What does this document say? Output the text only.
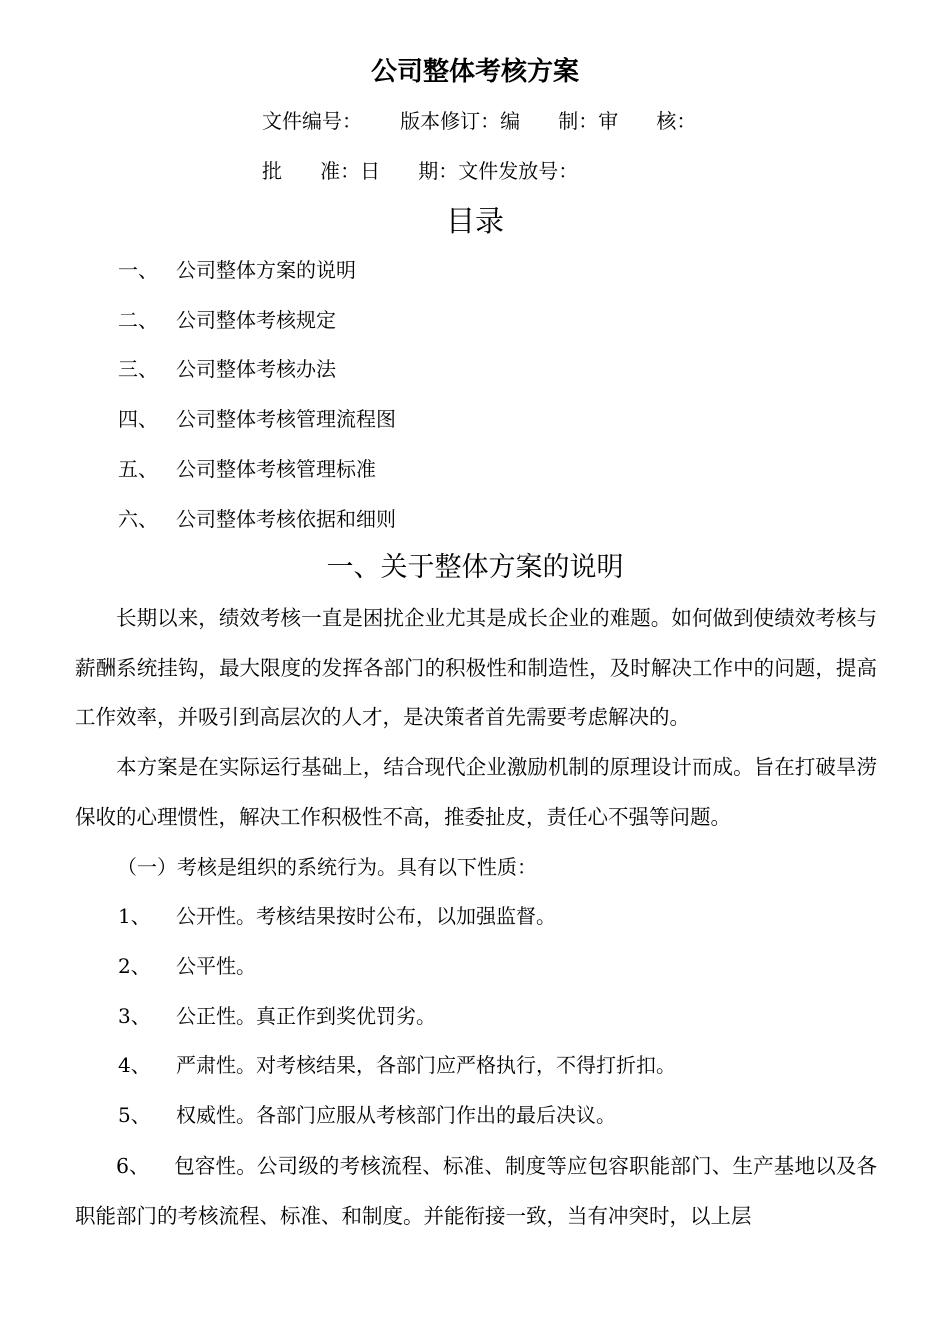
公司整体考核方案
文件编号：      版本修订：编      制：审      核：
批      准：日      期：文件发放号：
目录
一、 公司整体方案的说明
二、 公司整体考核规定
三、 公司整体考核办法
四、 公司整体考核管理流程图
五、 公司整体考核管理标准
六、 公司整体考核依据和细则
一、关于整体方案的说明

长期以来，绩效考核一直是困扰企业尤其是成长企业的难题。如何做到使绩效考核与薪酬系统挂钩，最大限度的发挥各部门的积极性和制造性，及时解决工作中的问题，提高工作效率，并吸引到高层次的人才，是决策者首先需要考虑解决的。

本方案是在实际运行基础上，结合现代企业激励机制的原理设计而成。旨在打破旱涝保收的心理惯性，解决工作积极性不高，推委扯皮，责任心不强等问题。

（一）考核是组织的系统行为。具有以下性质：
1、 公开性。考核结果按时公布，以加强监督。
2、 公平性。
3、 公正性。真正作到奖优罚劣。
4、 严肃性。对考核结果，各部门应严格执行，不得打折扣。
5、 权威性。各部门应服从考核部门作出的最后决议。

6、 包容性。公司级的考核流程、标准、制度等应包容职能部门、生产基地以及各职能部门的考核流程、标准、和制度。并能衔接一致，当有冲突时，以上层
